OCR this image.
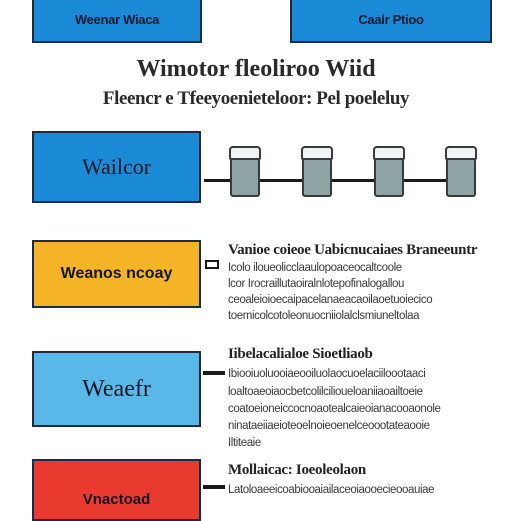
Weenar Wiaca	Caalr Ptioo
Wimotor fleoliroo Wiid
Fleencr e Tfeeyoenieteloor: Pel poeleluy
Wailcor
Weanos ncoay
Vanioe coieoe Uabicnucaiaes Braneeuntr
Icolo iloueolicclaaulopoaceocaltcoole
lcor Irocraillutaoiralnlotepofinalogallou
ceoaleioioecaipacelanaeacaoilaoetuoiecico
toemicolcotoleonuocniiolalclsmiuneltolaa
Weaefr
Iibelacalialoe Sioetliaob
Ibiooiuoluooiaeooiluolaocuoelaciiloootaaci
loaltoaeoiaocbetcolilcilioueloaniiaoailtoeie
coatoeioneiccocnoaotealcaieoianacooaonole
ninataeiiaeioteoelnoieoenelceoootateaooie
Iltiteaie
Vnactoad
Mollaicac: Ioeoleolaon
Latoloaeeicoabiooaiailaceoiaooecieooauiae
